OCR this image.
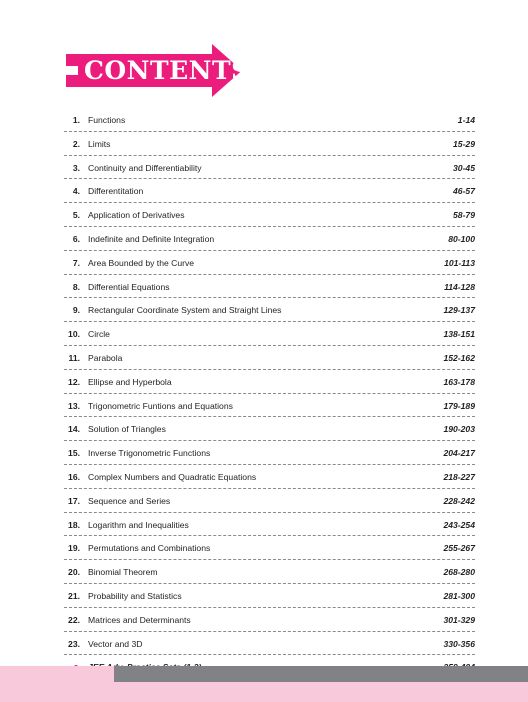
CONTENTS
1. Functions	1-14
2. Limits	15-29
3. Continuity and Differentiability	30-45
4. Differentitation	46-57
5. Application of Derivatives	58-79
6. Indefinite and Definite Integration	80-100
7. Area Bounded by the Curve	101-113
8. Differential Equations	114-128
9. Rectangular Coordinate System and Straight Lines	129-137
10. Circle	138-151
11. Parabola	152-162
12. Ellipse and Hyperbola	163-178
13. Trigonometric Funtions and Equations	179-189
14. Solution of Triangles	190-203
15. Inverse Trigonometric Functions	204-217
16. Complex Numbers and Quadratic Equations	218-227
17. Sequence and Series	228-242
18. Logarithm and Inequalities	243-254
19. Permutations and Combinations	255-267
20. Binomial Theorem	268-280
21. Probability and Statistics	281-300
22. Matrices and Determinants	301-329
23. Vector and 3D	330-356
